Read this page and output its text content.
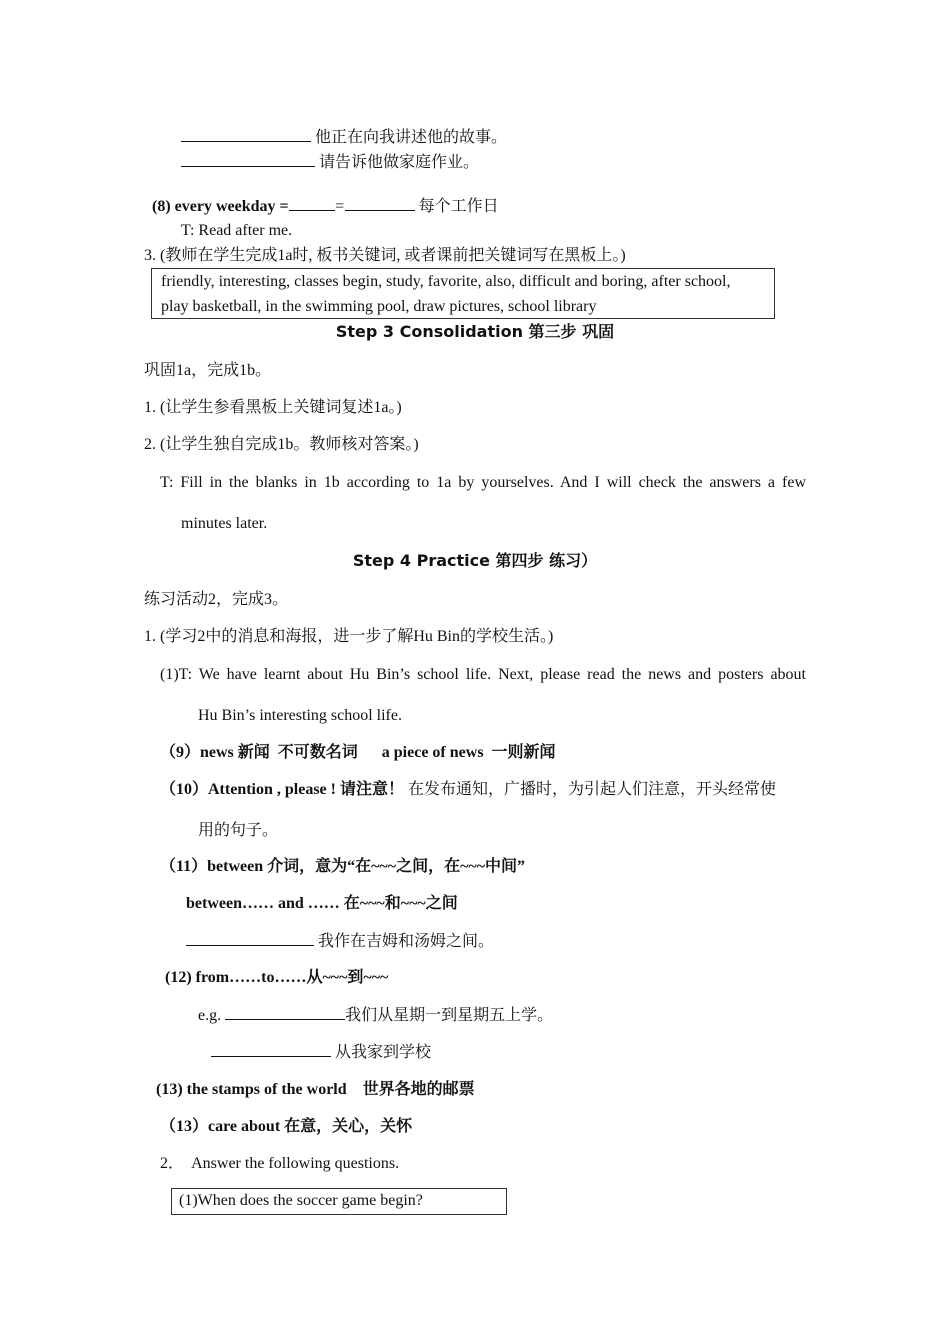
他正在向我讲述他的故事。
请告诉他做家庭作业。
(8) every weekday =	=	每个工作日
T: Read after me.
3. (教师在学生完成1a时, 板书关键词, 或者课前把关键词写在黑板上。)
friendly, interesting, classes begin, study, favorite, also, difficult and boring, after school,
play basketball, in the swimming pool, draw pictures, school library
Step 3 Consolidation 第三步 巩固
巩固1a，完成1b。
1. (让学生参看黑板上关键词复述1a。)
2. (让学生独自完成1b。教师核对答案。)
T: Fill in the blanks in 1b according to 1a by yourselves. And I will check the answers a few
minutes later.
Step 4 Practice 第四步 练习）
练习活动2，完成3。
1. (学习2中的消息和海报，进一步了解Hu Bin的学校生活。)
(1)T: We have learnt about Hu Bin’s school life. Next, please read the news and posters about
Hu Bin’s interesting school life.
（9）news 新闻  不可数名词      a piece of news  一则新闻
（10）Attention , please ! 请注意！ 在发布通知，广播时，为引起人们注意，开头经常使
用的句子。
（11）between 介词，意为“在~~~之间，在~~~中间”
between…… and …… 在~~~和~~~之间
我作在吉姆和汤姆之间。
(12) from……to……从~~~到~~~
e.g.	我们从星期一到星期五上学。
从我家到学校
(13) the stamps of the world    世界各地的邮票
（13）care about 在意，关心，关怀
2．  Answer the following questions.
(1)When does the soccer game begin?
